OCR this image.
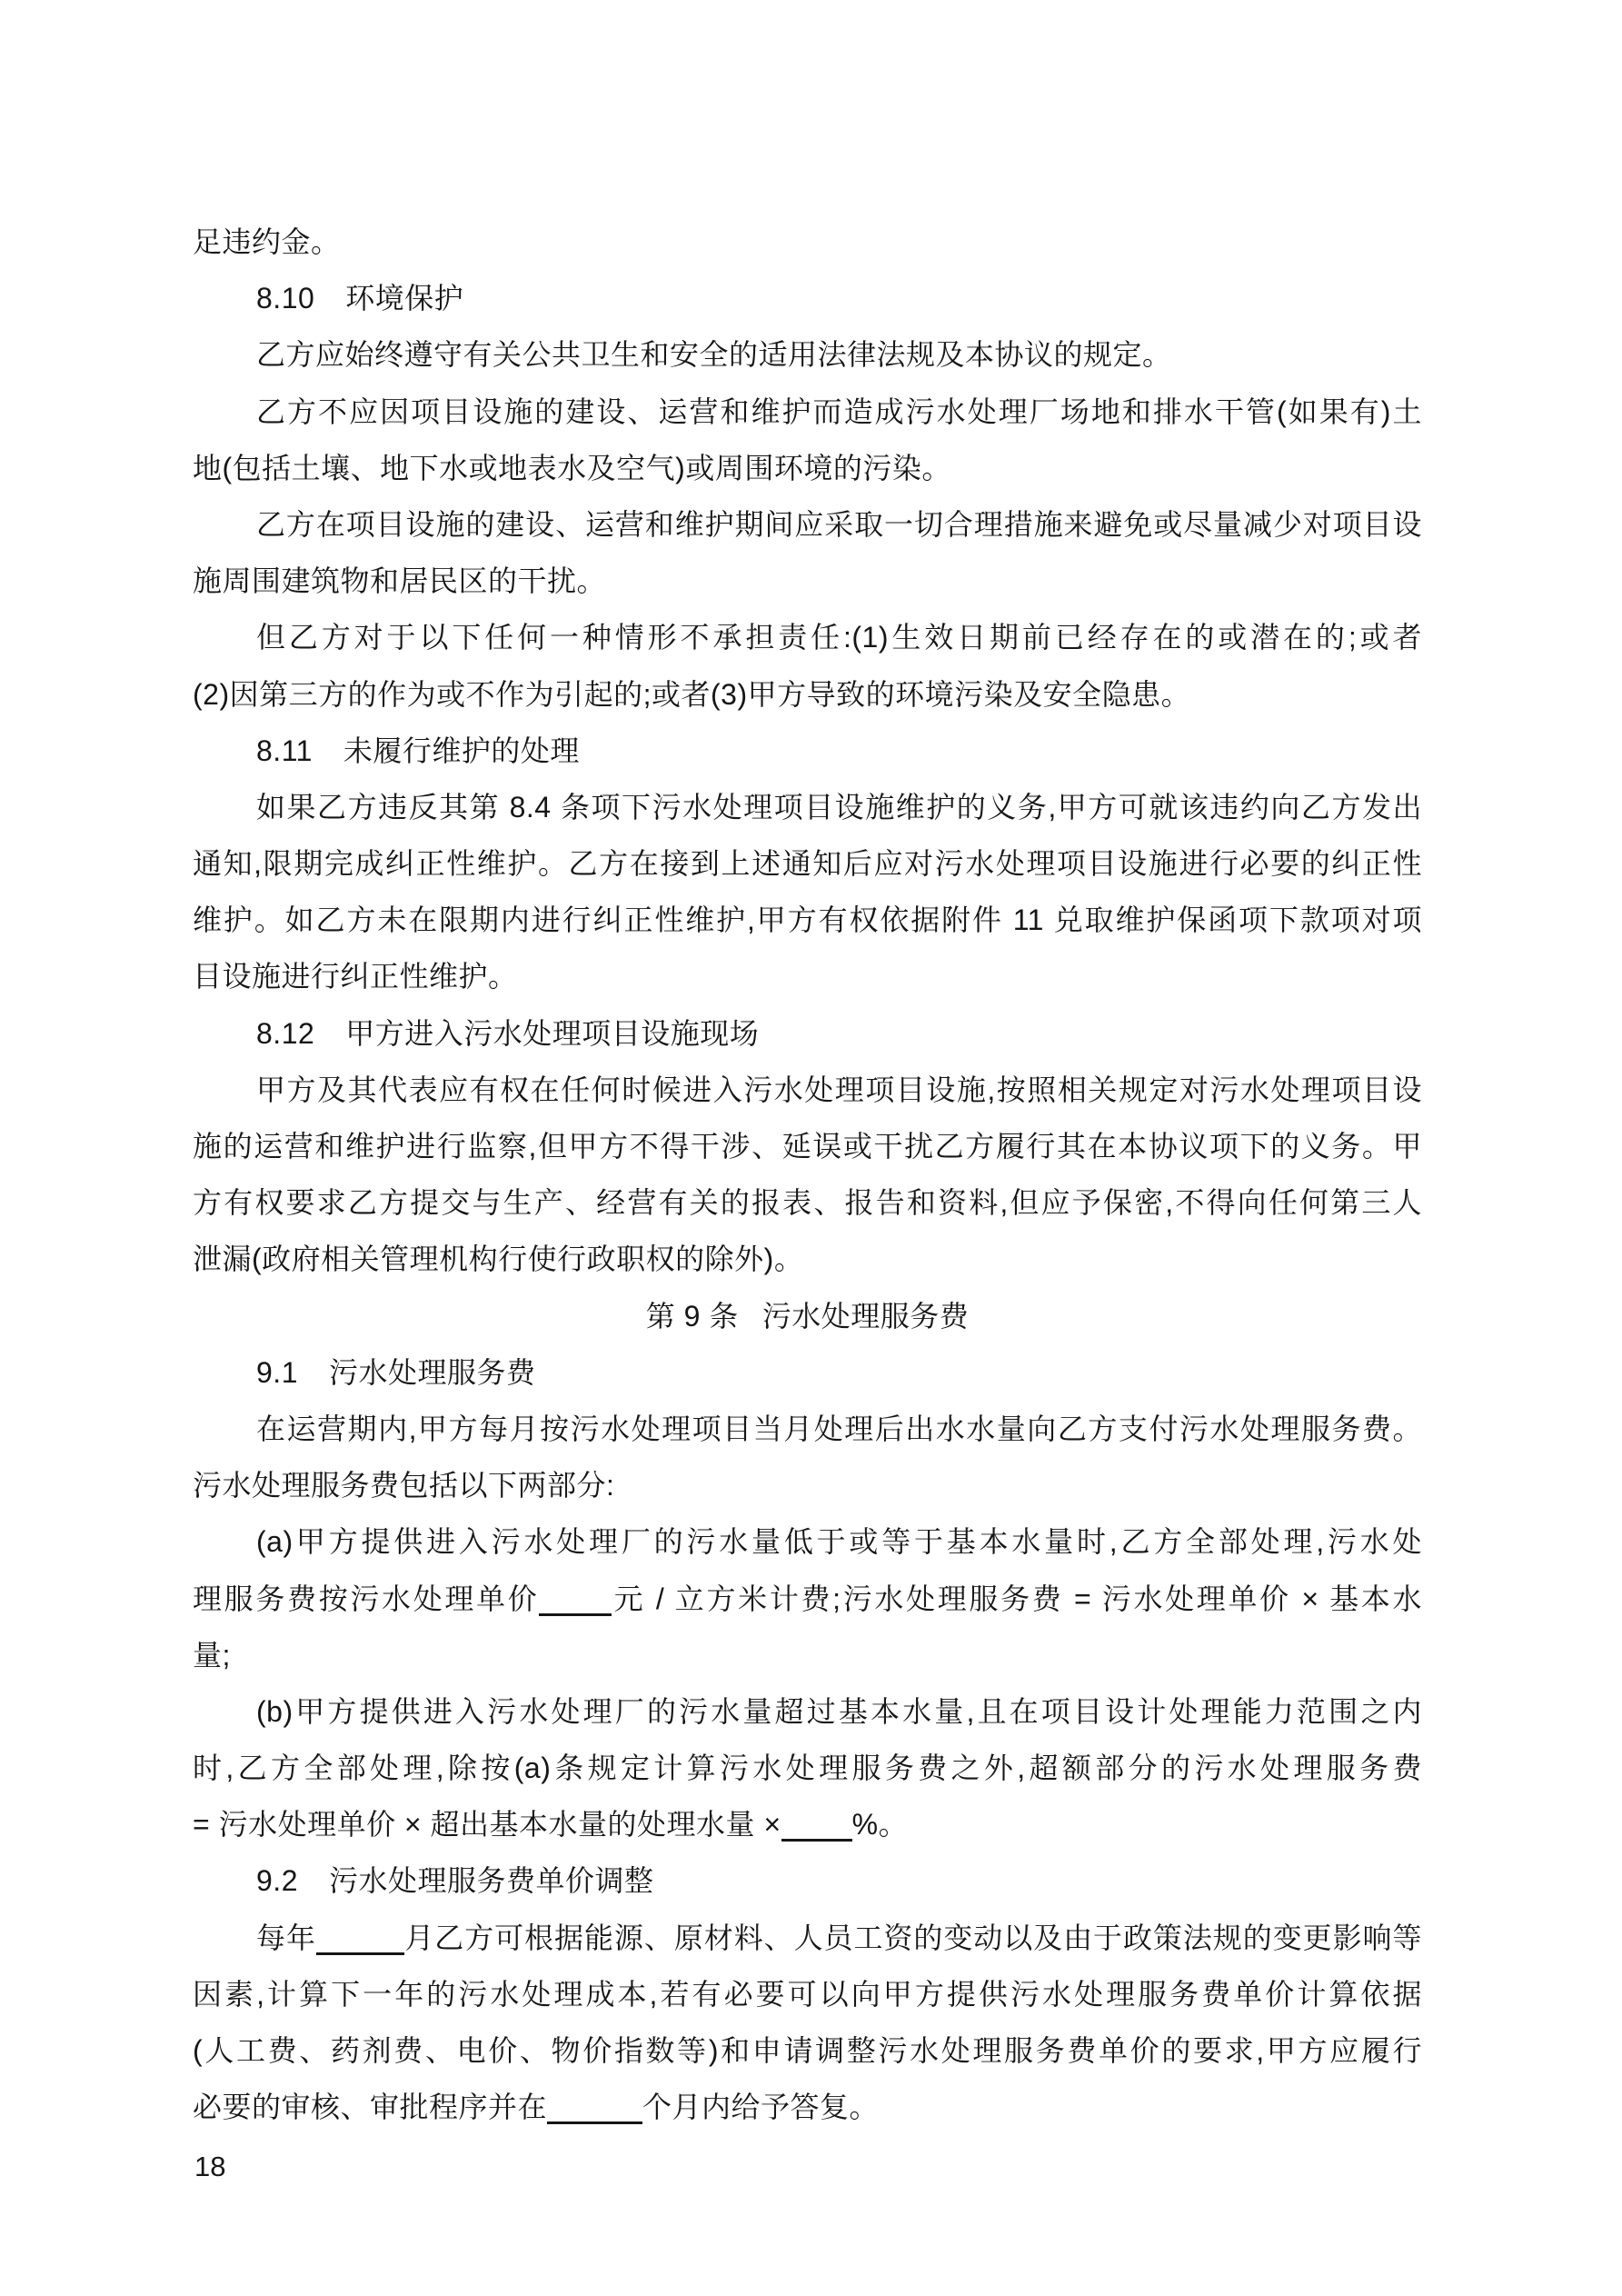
足违约金。
8.10 环境保护
乙方应始终遵守有关公共卫生和安全的适用法律法规及本协议的规定。
乙方不应因项目设施的建设、运营和维护而造成污水处理厂场地和排水干管(如果有)土
地(包括土壤、地下水或地表水及空气)或周围环境的污染。
乙方在项目设施的建设、运营和维护期间应采取一切合理措施来避免或尽量减少对项目设
施周围建筑物和居民区的干扰。
但乙方对于以下任何一种情形不承担责任:(1)生效日期前已经存在的或潜在的;或者
(2)因第三方的作为或不作为引起的;或者(3)甲方导致的环境污染及安全隐患。
8.11 未履行维护的处理
如果乙方违反其第 8.4 条项下污水处理项目设施维护的义务,甲方可就该违约向乙方发出
通知,限期完成纠正性维护。乙方在接到上述通知后应对污水处理项目设施进行必要的纠正性
维护。如乙方未在限期内进行纠正性维护,甲方有权依据附件 11 兑取维护保函项下款项对项
目设施进行纠正性维护。
8.12 甲方进入污水处理项目设施现场
甲方及其代表应有权在任何时候进入污水处理项目设施,按照相关规定对污水处理项目设
施的运营和维护进行监察,但甲方不得干涉、延误或干扰乙方履行其在本协议项下的义务。甲
方有权要求乙方提交与生产、经营有关的报表、报告和资料,但应予保密,不得向任何第三人
泄漏(政府相关管理机构行使行政职权的除外)。
第 9 条 污水处理服务费
9.1 污水处理服务费
在运营期内,甲方每月按污水处理项目当月处理后出水水量向乙方支付污水处理服务费。
污水处理服务费包括以下两部分:
(a)甲方提供进入污水处理厂的污水量低于或等于基本水量时,乙方全部处理,污水处
理服务费按污水处理单价	元 / 立方米计费;污水处理服务费 = 污水处理单价 × 基本水
量;
(b)甲方提供进入污水处理厂的污水量超过基本水量,且在项目设计处理能力范围之内
时,乙方全部处理,除按(a)条规定计算污水处理服务费之外,超额部分的污水处理服务费
= 污水处理单价 × 超出基本水量的处理水量 × %。
9.2 污水处理服务费单价调整
每年	月乙方可根据能源、原材料、人员工资的变动以及由于政策法规的变更影响等
因素,计算下一年的污水处理成本,若有必要可以向甲方提供污水处理服务费单价计算依据
(人工费、药剂费、电价、物价指数等)和申请调整污水处理服务费单价的要求,甲方应履行
必要的审核、审批程序并在	个月内给予答复。
18
